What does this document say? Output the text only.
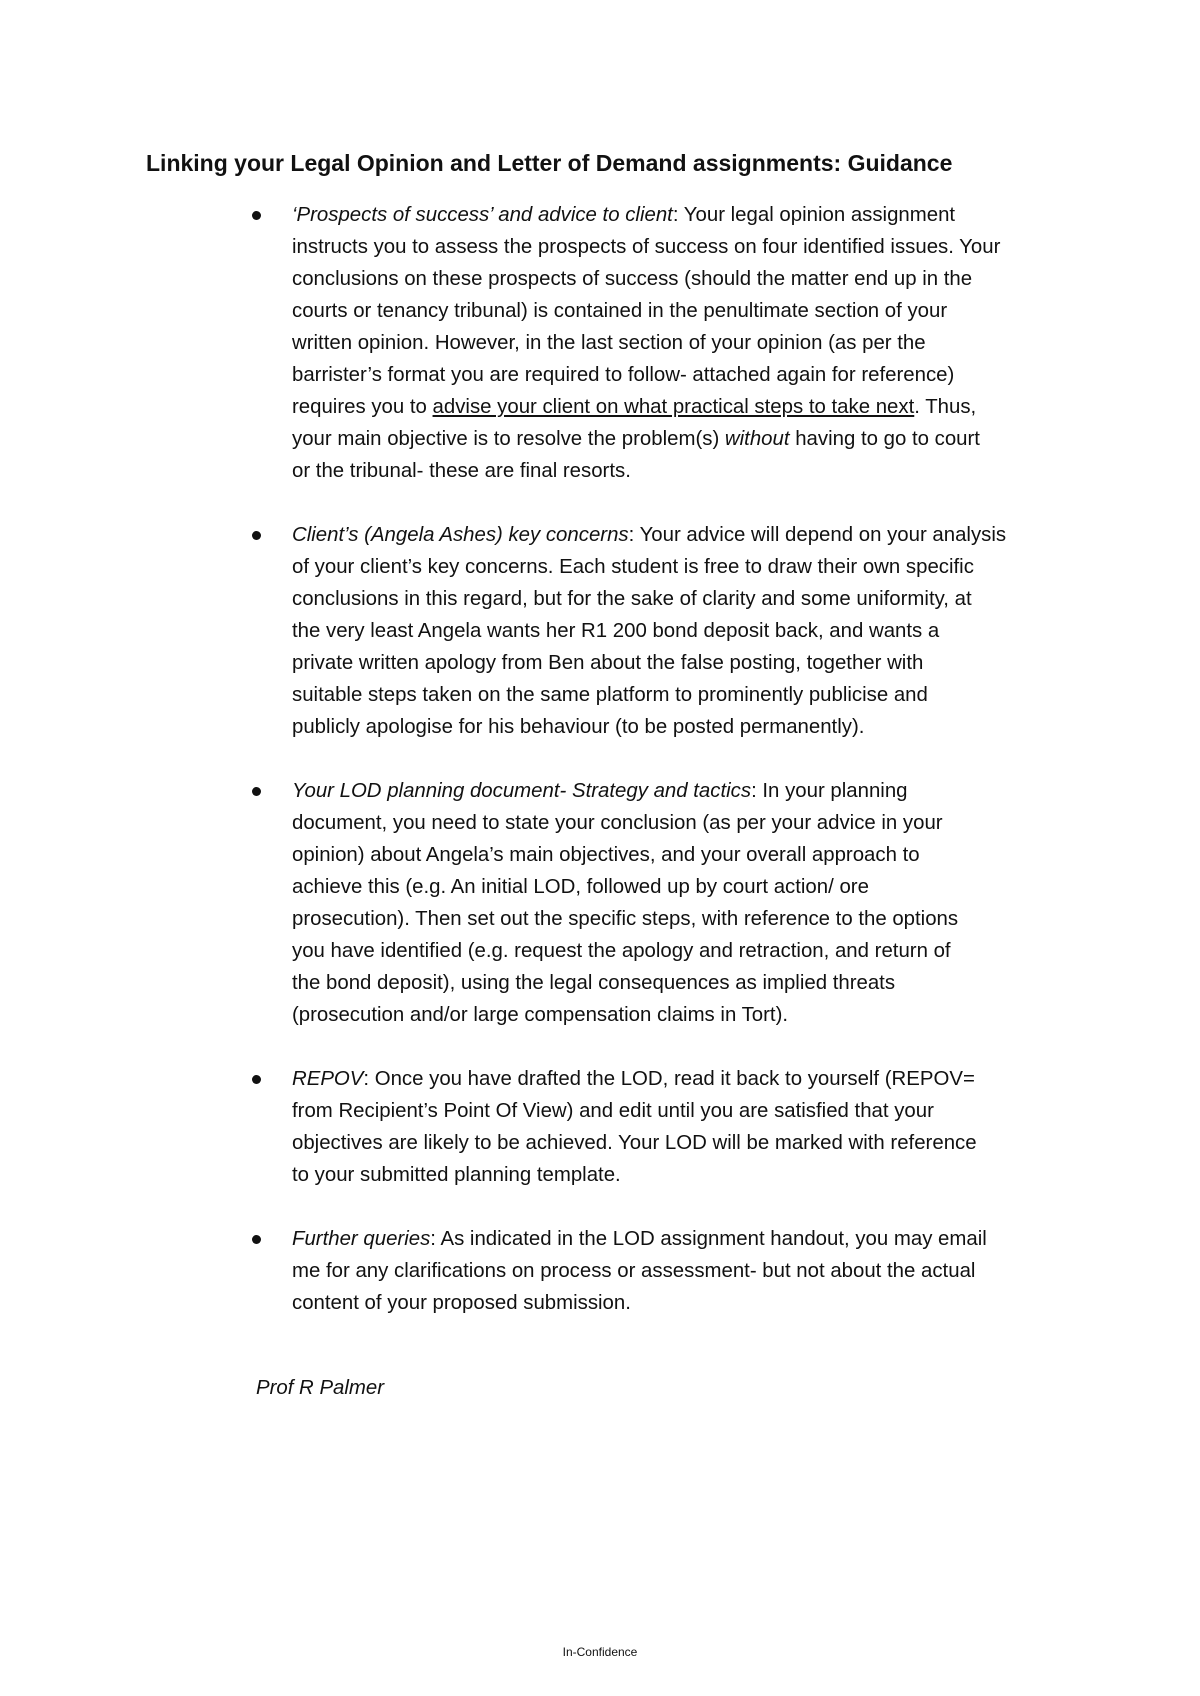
Linking your Legal Opinion and Letter of Demand assignments: Guidance
‘Prospects of success’ and advice to client: Your legal opinion assignment
instructs you to assess the prospects of success on four identified issues. Your
conclusions on these prospects of success (should the matter end up in the
courts or tenancy tribunal) is contained in the penultimate section of your
written opinion. However, in the last section of your opinion (as per the
barrister’s format you are required to follow- attached again for reference)
requires you to advise your client on what practical steps to take next. Thus,
your main objective is to resolve the problem(s) without having to go to court
or the tribunal- these are final resorts.
Client’s (Angela Ashes) key concerns: Your advice will depend on your analysis
of your client’s key concerns. Each student is free to draw their own specific
conclusions in this regard, but for the sake of clarity and some uniformity, at
the very least Angela wants her R1 200 bond deposit back, and wants a
private written apology from Ben about the false posting, together with
suitable steps taken on the same platform to prominently publicise and
publicly apologise for his behaviour (to be posted permanently).
Your LOD planning document- Strategy and tactics: In your planning
document, you need to state your conclusion (as per your advice in your
opinion) about Angela’s main objectives, and your overall approach to
achieve this (e.g. An initial LOD, followed up by court action/ ore
prosecution). Then set out the specific steps, with reference to the options
you have identified (e.g. request the apology and retraction, and return of
the bond deposit), using the legal consequences as implied threats
(prosecution and/or large compensation claims in Tort).
REPOV: Once you have drafted the LOD, read it back to yourself (REPOV=
from Recipient’s Point Of View) and edit until you are satisfied that your
objectives are likely to be achieved. Your LOD will be marked with reference
to your submitted planning template.
Further queries: As indicated in the LOD assignment handout, you may email
me for any clarifications on process or assessment- but not about the actual
content of your proposed submission.

Prof R Palmer

In-Confidence
